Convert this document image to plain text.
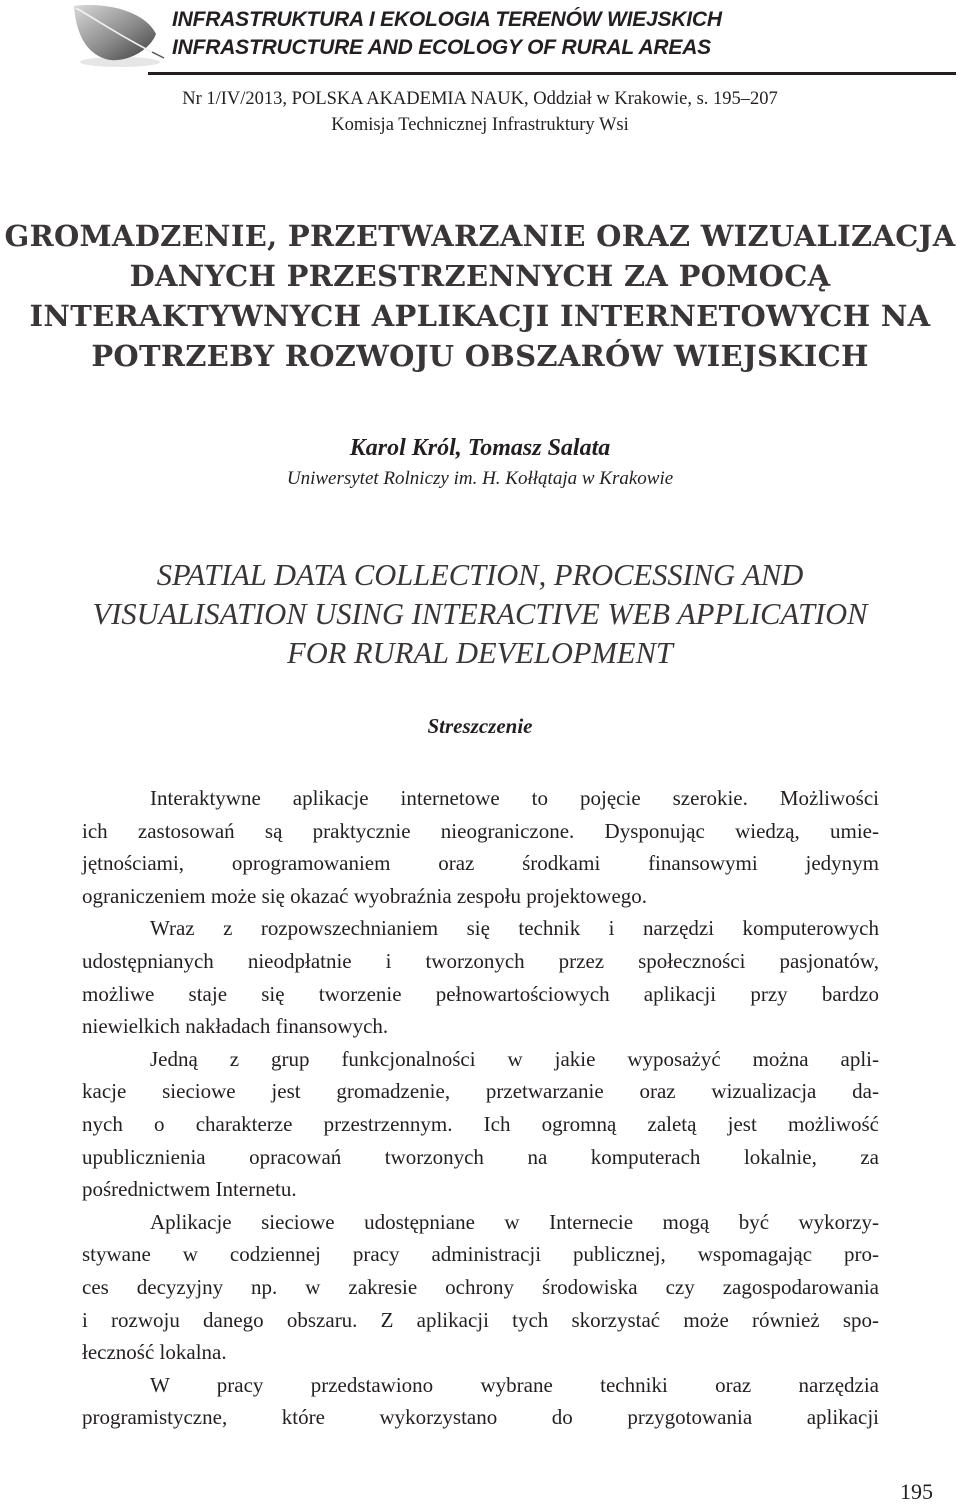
INFRASTRUKTURA I EKOLOGIA TERENÓW WIEJSKICH
INFRASTRUCTURE AND ECOLOGY OF RURAL AREAS
Nr 1/IV/2013, POLSKA AKADEMIA NAUK, Oddział w Krakowie, s. 195–207
Komisja Technicznej Infrastruktury Wsi
GROMADZENIE, PRZETWARZANIE ORAZ WIZUALIZACJA
DANYCH PRZESTRZENNYCH ZA POMOCĄ
INTERAKTYWNYCH APLIKACJI INTERNETOWYCH NA
POTRZEBY ROZWOJU OBSZARÓW WIEJSKICH
Karol Król, Tomasz Salata
Uniwersytet Rolniczy im. H. Kołłątaja w Krakowie
SPATIAL DATA COLLECTION, PROCESSING AND
VISUALISATION USING INTERACTIVE WEB APPLICATION
FOR RURAL DEVELOPMENT
Streszczenie
Interaktywne aplikacje internetowe to pojęcie szerokie. Możliwości
ich zastosowań są praktycznie nieograniczone. Dysponując wiedzą, umie-
jętnościami, oprogramowaniem oraz środkami finansowymi jedynym
ograniczeniem może się okazać wyobraźnia zespołu projektowego.
Wraz z rozpowszechnianiem się technik i narzędzi komputerowych
udostępnianych nieodpłatnie i tworzonych przez społeczności pasjonatów,
możliwe staje się tworzenie pełnowartościowych aplikacji przy bardzo
niewielkich nakładach finansowych.
Jedną z grup funkcjonalności w jakie wyposażyć można apli-
kacje sieciowe jest gromadzenie, przetwarzanie oraz wizualizacja da-
nych o charakterze przestrzennym. Ich ogromną zaletą jest możliwość
upublicznienia opracowań tworzonych na komputerach lokalnie, za
pośrednictwem Internetu.
Aplikacje sieciowe udostępniane w Internecie mogą być wykorzy-
stywane w codziennej pracy administracji publicznej, wspomagając pro-
ces decyzyjny np. w zakresie ochrony środowiska czy zagospodarowania
i rozwoju danego obszaru. Z aplikacji tych skorzystać może również spo-
łeczność lokalna.
W pracy przedstawiono wybrane techniki oraz narzędzia
programistyczne, które wykorzystano do przygotowania aplikacji
195
